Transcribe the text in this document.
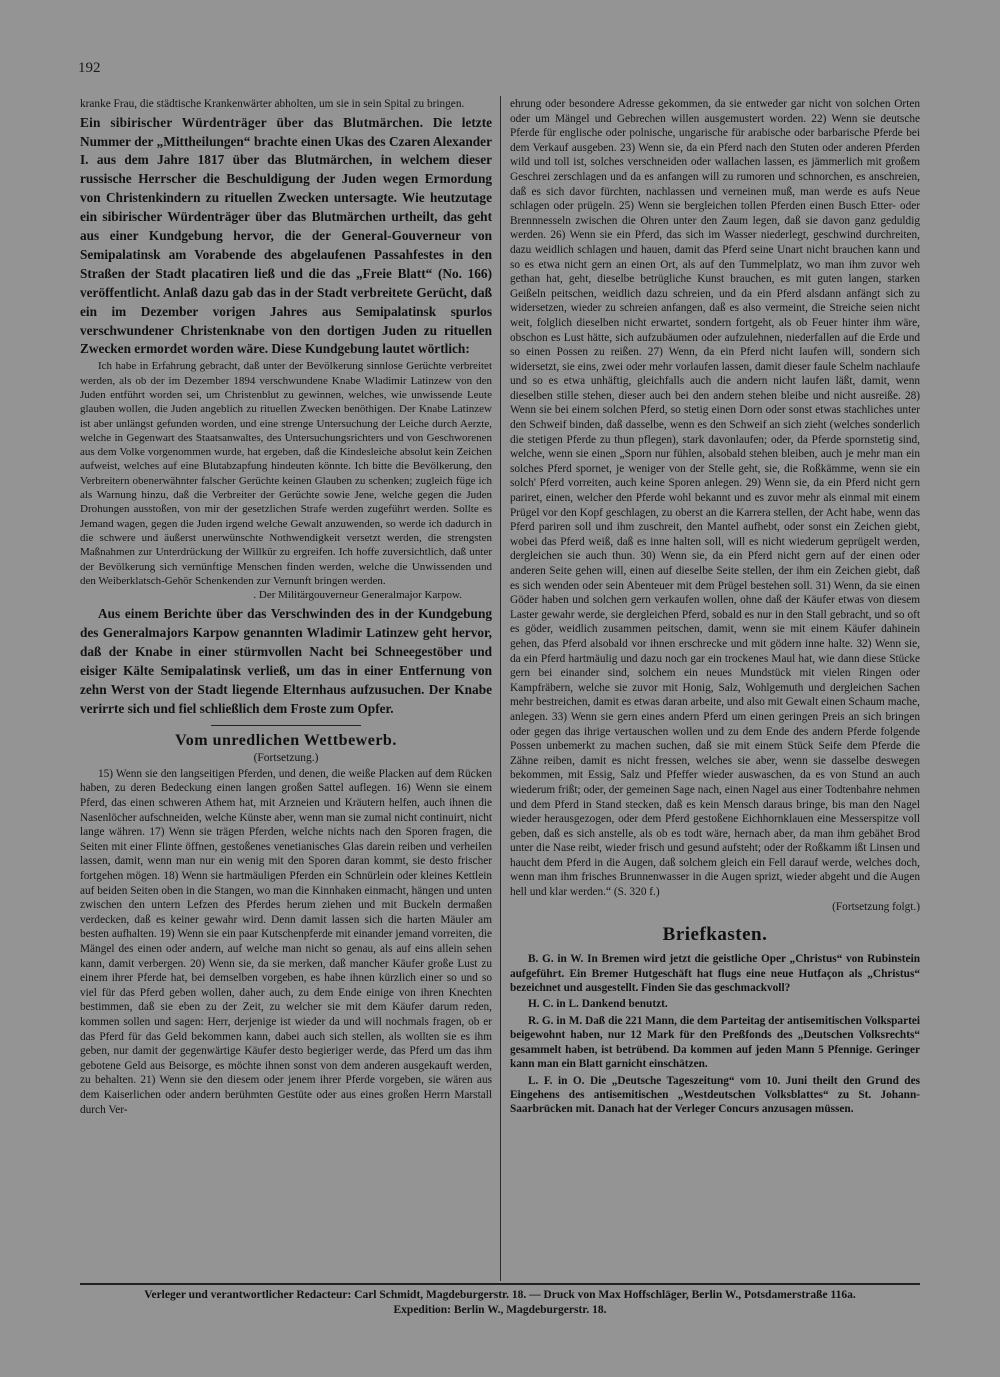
192

kranke Frau, die städtische Krankenwärter abholten, um sie in sein Spital zu bringen.

Ein sibirischer Würdenträger über das Blutmärchen. Die letzte Nummer der „Mittheilungen“ brachte einen Ukas des Czaren Alexander I. aus dem Jahre 1817 über das Blutmärchen, in welchem dieser russische Herrscher die Beschuldigung der Juden wegen Ermordung von Christenkindern zu rituellen Zwecken untersagte. Wie heutzutage ein sibirischer Würdenträger über das Blutmärchen urtheilt, das geht aus einer Kundgebung hervor, die der General-Gouverneur von Semipalatinsk am Vorabende des abgelaufenen Passahfestes in den Straßen der Stadt placatiren ließ und die das „Freie Blatt“ (No. 166) veröffentlicht. Anlaß dazu gab das in der Stadt verbreitete Gerücht, daß ein im Dezember vorigen Jahres aus Semipalatinsk spurlos verschwundener Christenknabe von den dortigen Juden zu rituellen Zwecken ermordet worden wäre. Diese Kundgebung lautet wörtlich:

Ich habe in Erfahrung gebracht, daß unter der Bevölkerung sinnlose Gerüchte verbreitet werden, als ob der im Dezember 1894 verschwundene Knabe Wladimir Latinzew von den Juden entführt worden sei, um Christenblut zu gewinnen, welches, wie unwissende Leute glauben wollen, die Juden angeblich zu rituellen Zwecken benöthigen. Der Knabe Latinzew ist aber unlängst gefunden worden, und eine strenge Untersuchung der Leiche durch Aerzte, welche in Gegenwart des Staatsanwaltes, des Untersuchungsrichters und von Geschworenen aus dem Volke vorgenommen wurde, hat ergeben, daß die Kindesleiche absolut kein Zeichen aufweist, welches auf eine Blutabzapfung hindeuten könnte. Ich bitte die Bevölkerung, den Verbreitern obenerwähnter falscher Gerüchte keinen Glauben zu schenken; zugleich füge ich als Warnung hinzu, daß die Verbreiter der Gerüchte sowie Jene, welche gegen die Juden Drohungen ausstoßen, von mir der gesetzlichen Strafe werden zugeführt werden. Sollte es Jemand wagen, gegen die Juden irgend welche Gewalt anzuwenden, so werde ich dadurch in die schwere und äußerst unerwünschte Nothwendigkeit versetzt werden, die strengsten Maßnahmen zur Unterdrückung der Willkür zu ergreifen. Ich hoffe zuversichtlich, daß unter der Bevölkerung sich vernünftige Menschen finden werden, welche die Unwissenden und den Weiberklatsch-Gehör Schenkenden zur Vernunft bringen werden.

. Der Militärgouverneur Generalmajor Karpow.

Aus einem Berichte über das Verschwinden des in der Kundgebung des Generalmajors Karpow genannten Wladimir Latinzew geht hervor, daß der Knabe in einer stürmvollen Nacht bei Schneegestöber und eisiger Kälte Semipalatinsk verließ, um das in einer Entfernung von zehn Werst von der Stadt liegende Elternhaus aufzusuchen. Der Knabe verirrte sich und fiel schließlich dem Froste zum Opfer.

Vom unredlichen Wettbewerb.
(Fortsetzung.)

15) Wenn sie den langseitigen Pferden, und denen, die weiße Placken auf dem Rücken haben, zu deren Bedeckung einen langen großen Sattel auflegen. 16) Wenn sie einem Pferd, das einen schweren Athem hat, mit Arzneien und Kräutern helfen, auch ihnen die Nasenlöcher aufschneiden, welche Künste aber, wenn man sie zumal nicht continuirt, nicht lange währen. 17) Wenn sie trägen Pferden, welche nichts nach den Sporen fragen, die Seiten mit einer Flinte öffnen, gestoßenes venetianisches Glas darein reiben und verheilen lassen, damit, wenn man nur ein wenig mit den Sporen daran kommt, sie desto frischer fortgehen mögen. 18) Wenn sie hartmäuligen Pferden ein Schnürlein oder kleines Kettlein auf beiden Seiten oben in die Stangen, wo man die Kinnhaken einmacht, hängen und unten zwischen den untern Lefzen des Pferdes herum ziehen und mit Buckeln dermaßen verdecken, daß es keiner gewahr wird. Denn damit lassen sich die harten Mäuler am besten aufhalten. 19) Wenn sie ein paar Kutschenpferde mit einander jemand vorreiten, die Mängel des einen oder andern, auf welche man nicht so genau, als auf eins allein sehen kann, damit verbergen. 20) Wenn sie, da sie merken, daß mancher Käufer große Lust zu einem ihrer Pferde hat, bei demselben vorgeben, es habe ihnen kürzlich einer so und so viel für das Pferd geben wollen, daher auch, zu dem Ende einige von ihren Knechten bestimmen, daß sie eben zu der Zeit, zu welcher sie mit dem Käufer darum reden, kommen sollen und sagen: Herr, derjenige ist wieder da und will nochmals fragen, ob er das Pferd für das Geld bekommen kann, dabei auch sich stellen, als wollten sie es ihm geben, nur damit der gegenwärtige Käufer desto begieriger werde, das Pferd um das ihm gebotene Geld aus Beisorge, es möchte ihnen sonst von dem anderen ausgekauft werden, zu behalten. 21) Wenn sie den diesem oder jenem ihrer Pferde vorgeben, sie wären aus dem Kaiserlichen oder andern berühmten Gestüte oder aus eines großen Herrn Marstall durch Ver-

ehrung oder besondere Adresse gekommen, da sie entweder gar nicht von solchen Orten oder um Mängel und Gebrechen willen ausgemustert worden. 22) Wenn sie deutsche Pferde für englische oder polnische, ungarische für arabische oder barbarische Pferde bei dem Verkauf ausgeben. 23) Wenn sie, da ein Pferd nach den Stuten oder anderen Pferden wild und toll ist, solches verschneiden oder wallachen lassen, es jämmerlich mit großem Geschrei zerschlagen und da es anfangen will zu rumoren und schnorchen, es anschreien, daß es sich davor fürchten, nachlassen und verneinen muß, man werde es aufs Neue schlagen oder prügeln. 25) Wenn sie bergleichen tollen Pferden einen Busch Etter- oder Brennnesseln zwischen die Ohren unter den Zaum legen, daß sie davon ganz geduldig werden. 26) Wenn sie ein Pferd, das sich im Wasser niederlegt, geschwind durchreiten, dazu weidlich schlagen und hauen, damit das Pferd seine Unart nicht brauchen kann und so es etwa nicht gern an einen Ort, als auf den Tummelplatz, wo man ihm zuvor weh gethan hat, geht, dieselbe betrügliche Kunst brauchen, es mit guten langen, starken Geißeln peitschen, weidlich dazu schreien, und da ein Pferd alsdann anfängt sich zu widersetzen, wieder zu schreien anfangen, daß es also vermeint, die Streiche seien nicht weit, folglich dieselben nicht erwartet, sondern fortgeht, als ob Feuer hinter ihm wäre, obschon es Lust hätte, sich aufzubäumen oder aufzulehnen, niederfallen auf die Erde und so einen Possen zu reißen. 27) Wenn, da ein Pferd nicht laufen will, sondern sich widersetzt, sie eins, zwei oder mehr vorlaufen lassen, damit dieser faule Schelm nachlaufe und so es etwa unhäftig, gleichfalls auch die andern nicht laufen läßt, damit, wenn dieselben stille stehen, dieser auch bei den andern stehen bleibe und nicht ausreiße. 28) Wenn sie bei einem solchen Pferd, so stetig einen Dorn oder sonst etwas stachliches unter den Schweif binden, daß dasselbe, wenn es den Schweif an sich zieht (welches sonderlich die stetigen Pferde zu thun pflegen), stark davonlaufen; oder, da Pferde spornstetig sind, welche, wenn sie einen „Sporn nur fühlen, alsobald stehen bleiben, auch je mehr man ein solches Pferd spornet, je weniger von der Stelle geht, sie, die Roßkämme, wenn sie ein solch' Pferd vorreiten, auch keine Sporen anlegen. 29) Wenn sie, da ein Pferd nicht gern pariret, einen, welcher den Pferde wohl bekannt und es zuvor mehr als einmal mit einem Prügel vor den Kopf geschlagen, zu oberst an die Karrera stellen, der Acht habe, wenn das Pferd pariren soll und ihm zuschreit, den Mantel aufhebt, oder sonst ein Zeichen giebt, wobei das Pferd weiß, daß es inne halten soll, will es nicht wiederum geprügelt werden, dergleichen sie auch thun. 30) Wenn sie, da ein Pferd nicht gern auf der einen oder anderen Seite gehen will, einen auf dieselbe Seite stellen, der ihm ein Zeichen giebt, daß es sich wenden oder sein Abenteuer mit dem Prügel bestehen soll. 31) Wenn, da sie einen Göder haben und solchen gern verkaufen wollen, ohne daß der Käufer etwas von diesem Laster gewahr werde, sie dergleichen Pferd, sobald es nur in den Stall gebracht, und so oft es göder, weidlich zusammen peitschen, damit, wenn sie mit einem Käufer dahinein gehen, das Pferd alsobald vor ihnen erschrecke und mit gödern inne halte. 32) Wenn sie, da ein Pferd hartmäulig und dazu noch gar ein trockenes Maul hat, wie dann diese Stücke gern bei einander sind, solchem ein neues Mundstück mit vielen Ringen oder Kampfräbern, welche sie zuvor mit Honig, Salz, Wohlgemuth und dergleichen Sachen mehr bestreichen, damit es etwas daran arbeite, und also mit Gewalt einen Schaum mache, anlegen. 33) Wenn sie gern eines andern Pferd um einen geringen Preis an sich bringen oder gegen das ihrige vertauschen wollen und zu dem Ende des andern Pferde folgende Possen unbemerkt zu machen suchen, daß sie mit einem Stück Seife dem Pferde die Zähne reiben, damit es nicht fressen, welches sie aber, wenn sie dasselbe deswegen bekommen, mit Essig, Salz und Pfeffer wieder auswaschen, da es von Stund an auch wiederum frißt; oder, der gemeinen Sage nach, einen Nagel aus einer Todtenbahre nehmen und dem Pferd in Stand stecken, daß es kein Mensch daraus bringe, bis man den Nagel wieder herausgezogen, oder dem Pferd gestoßene Eichhornklauen eine Messerspitze voll geben, daß es sich anstelle, als ob es todt wäre, hernach aber, da man ihm gebähet Brod unter die Nase reibt, wieder frisch und gesund aufsteht; oder der Roßkamm ißt Linsen und haucht dem Pferd in die Augen, daß solchem gleich ein Fell darauf werde, welches doch, wenn man ihm frisches Brunnenwasser in die Augen sprizt, wieder abgeht und die Augen hell und klar werden.“ (S. 320 f.)

(Fortsetzung folgt.)

Briefkasten.

B. G. in W. In Bremen wird jetzt die geistliche Oper „Christus“ von Rubinstein aufgeführt. Ein Bremer Hutgeschäft hat flugs eine neue Hutfaçon als „Christus“ bezeichnet und ausgestellt. Finden Sie das geschmackvoll?

H. C. in L. Dankend benutzt.

R. G. in M. Daß die 221 Mann, die dem Parteitag der antisemitischen Volkspartei beigewohnt haben, nur 12 Mark für den Preßfonds des „Deutschen Volksrechts“ gesammelt haben, ist betrübend. Da kommen auf jeden Mann 5 Pfennige. Geringer kann man ein Blatt garnicht einschätzen.

L. F. in O. Die „Deutsche Tageszeitung“ vom 10. Juni theilt den Grund des Eingehens des antisemitischen „Westdeutschen Volksblattes“ zu St. Johann-Saarbrücken mit. Danach hat der Verleger Concurs anzusagen müssen.

Verleger und verantwortlicher Redacteur: Carl Schmidt, Magdeburgerstr. 18. — Druck von Max Hoffschläger, Berlin W., Potsdamerstraße 116a.
Expedition: Berlin W., Magdeburgerstr. 18.
